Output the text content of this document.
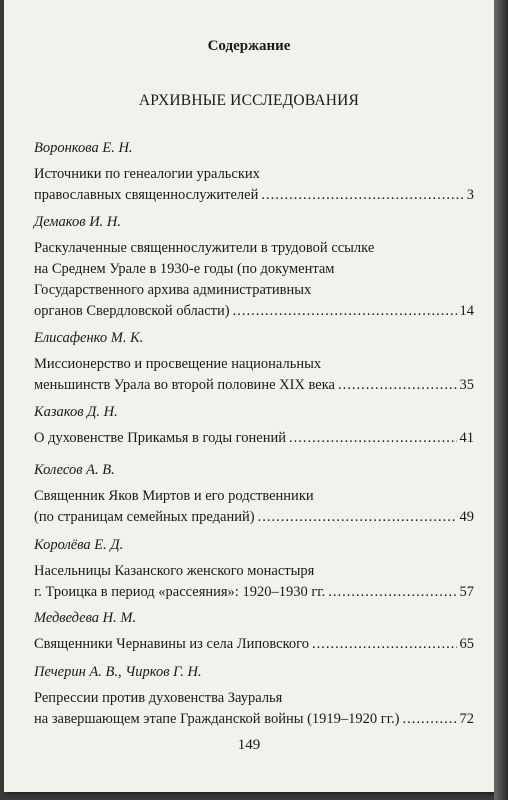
Содержание
АРХИВНЫЕ ИССЛЕДОВАНИЯ
Воронкова Е. Н.
Источники по генеалогии уральских
православных священнослужителей .....	3
Демаков И. Н.
Раскулаченные священнослужители в трудовой ссылке
на Среднем Урале в 1930-е годы (по документам
Государственного архива административных
органов Свердловской области) .....	14
Елисафенко М. К.
Миссионерство и просвещение национальных
меньшинств Урала во второй половине XIX века .....	35
Казаков Д. Н.
О духовенстве Прикамья в годы гонений .....	41
Колесов А. В.
Священник Яков Миртов и его родственники
(по страницам семейных преданий) .....	49
Королёва Е. Д.
Насельницы Казанского женского монастыря
г. Троицка в период «рассеяния»: 1920–1930 гг. .....	57
Медведева Н. М.
Священники Чернавины из села Липовского .....	65
Печерин А. В., Чирков Г. Н.
Репрессии против духовенства Зауралья
на завершающем этапе Гражданской войны (1919–1920 гг.) .....	72
149
